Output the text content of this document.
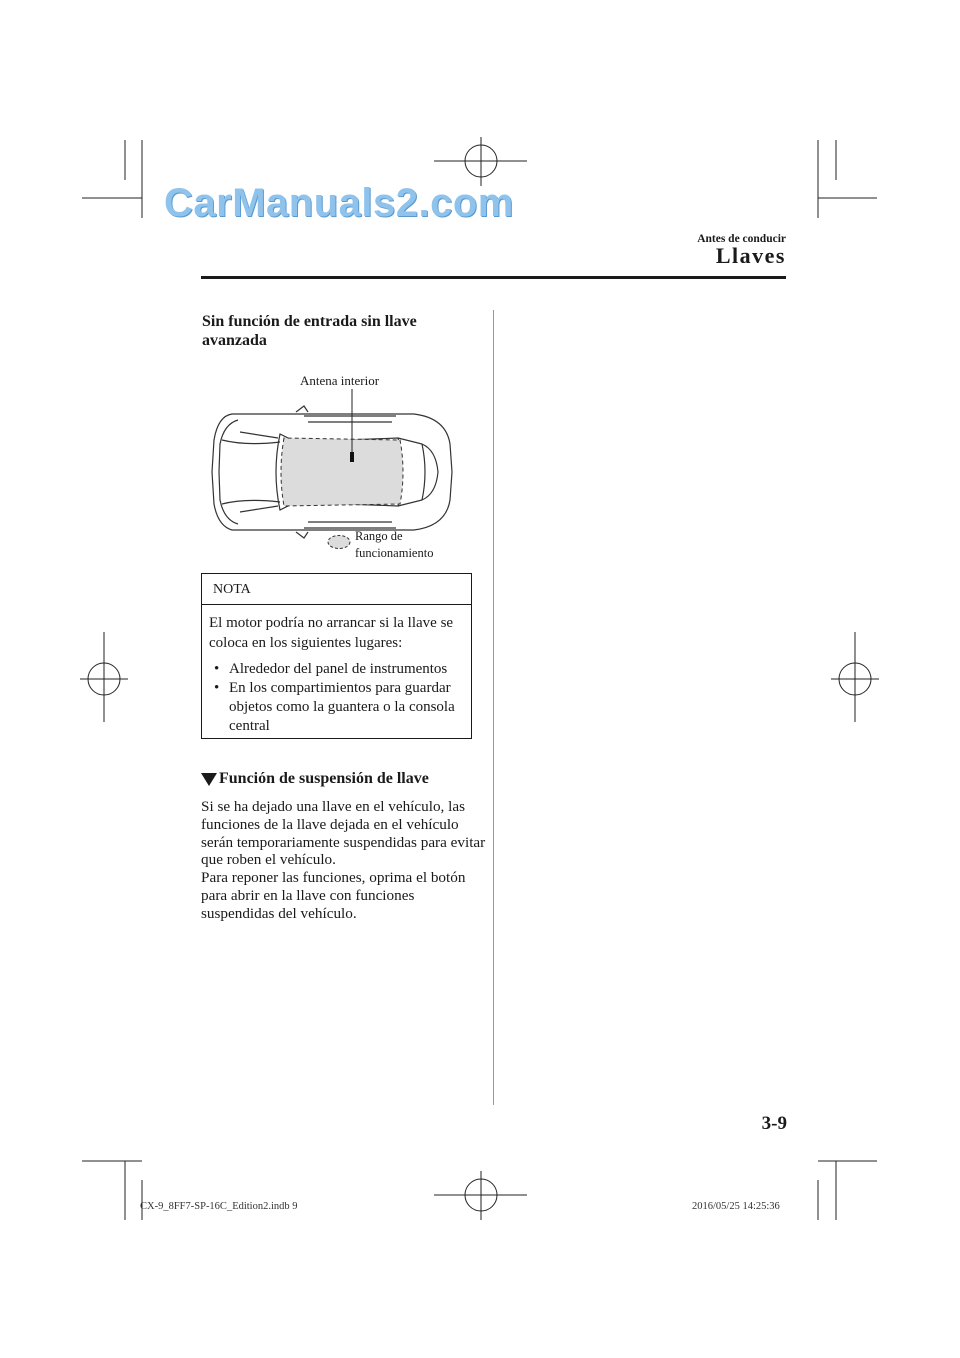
CarManuals2.com
Antes de conducir
Llaves
Sin función de entrada sin llave avanzada
Antena interior
Rango de
funcionamiento
NOTA
El motor podría no arrancar si la llave se coloca en los siguientes lugares:
• Alrededor del panel de instrumentos
• En los compartimientos para guardar objetos como la guantera o la consola central
Función de suspensión de llave

Si se ha dejado una llave en el vehículo, las funciones de la llave dejada en el vehículo serán temporariamente suspendidas para evitar que roben el vehículo.

Para reponer las funciones, oprima el botón para abrir en la llave con funciones suspendidas del vehículo.

3-9
CX-9_8FF7-SP-16C_Edition2.indb 9	2016/05/25 14:25:36
